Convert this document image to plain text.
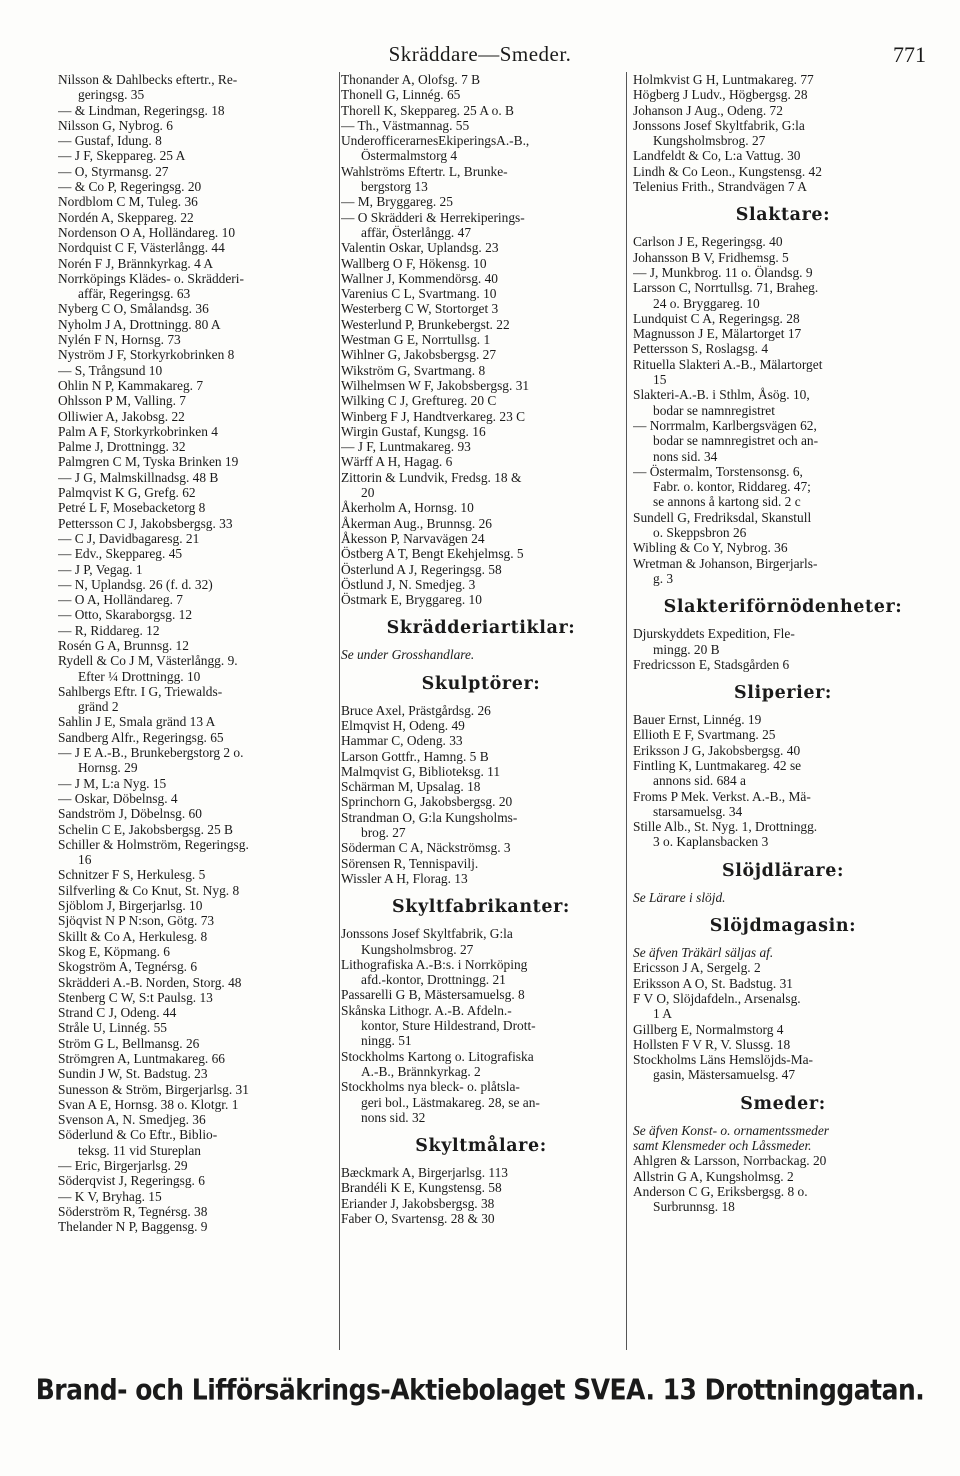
Skräddare—Smeder.	771
Nilsson & Dahlbecks eftertr., Re-
geringsg. 35
— & Lindman, Regeringsg. 18
Nilsson G, Nybrog. 6
— Gustaf, Idung. 8
— J F, Skeppareg. 25 A
— O, Styrmansg. 27
— & Co P, Regeringsg. 20
Nordblom C M, Tuleg. 36
Nordén A, Skeppareg. 22
Nordenson O A, Holländareg. 10
Nordquist C F, Västerlångg. 44
Norén F J, Brännkyrkag. 4 A
Norrköpings Klädes- o. Skrädderi-
affär, Regeringsg. 63
Nyberg C O, Smålandsg. 36
Nyholm J A, Drottningg. 80 A
Nylén F N, Hornsg. 73
Nyström J F, Storkyrkobrinken 8
— S, Trångsund 10
Ohlin N P, Kammakareg. 7
Ohlsson P M, Valling. 7
Olliwier A, Jakobsg. 22
Palm A F, Storkyrkobrinken 4
Palme J, Drottningg. 32
Palmgren C M, Tyska Brinken 19
— J G, Malmskillnadsg. 48 B
Palmqvist K G, Grefg. 62
Petré L F, Mosebacketorg 8
Pettersson C J, Jakobsbergsg. 33
— C J, Davidbagaresg. 21
— Edv., Skeppareg. 45
— J P, Vegag. 1
— N, Uplandsg. 26 (f. d. 32)
— O A, Holländareg. 7
— Otto, Skaraborgsg. 12
— R, Riddareg. 12
Rosén G A, Brunnsg. 12
Rydell & Co J M, Västerlångg. 9.
Efter ¼ Drottningg. 10
Sahlbergs Eftr. I G, Triewalds-
gränd 2
Sahlin J E, Smala gränd 13 A
Sandberg Alfr., Regeringsg. 65
— J E A.-B., Brunkebergstorg 2 o.
Hornsg. 29
— J M, L:a Nyg. 15
— Oskar, Döbelnsg. 4
Sandström J, Döbelnsg. 60
Schelin C E, Jakobsbergsg. 25 B
Schiller & Holmström, Regeringsg.
16
Schnitzer F S, Herkulesg. 5
Silfverling & Co Knut, St. Nyg. 8
Sjöblom J, Birgerjarlsg. 10
Sjöqvist N P N:son, Götg. 73
Skillt & Co A, Herkulesg. 8
Skog E, Köpmang. 6
Skogström A, Tegnérsg. 6
Skrädderi A.-B. Norden, Storg. 48
Stenberg C W, S:t Paulsg. 13
Strand C J, Odeng. 44
Stråle U, Linnég. 55
Ström G L, Bellmansg. 26
Strömgren A, Luntmakareg. 66
Sundin J W, St. Badstug. 23
Sunesson & Ström, Birgerjarlsg. 31
Svan A E, Hornsg. 38 o. Klotgr. 1
Svenson A, N. Smedjeg. 36
Söderlund & Co Eftr., Biblio-
teksg. 11 vid Stureplan
— Eric, Birgerjarlsg. 29
Söderqvist J, Regeringsg. 6
— K V, Bryhag. 15
Söderström R, Tegnérsg. 38
Thelander N P, Baggensg. 9
Thonander A, Olofsg. 7 B
Thonell G, Linnég. 65
Thorell K, Skeppareg. 25 A o. B
— Th., Västmannag. 55
UnderofficerarnesEkiperingsA.-B.,
Östermalmstorg 4
Wahlströms Eftertr. L, Brunke-
bergstorg 13
— M, Bryggareg. 25
— O Skrädderi & Herrekiperings-
affär, Österlångg. 47
Valentin Oskar, Uplandsg. 23
Wallberg O F, Hökensg. 10
Wallner J, Kommendörsg. 40
Varenius C L, Svartmang. 10
Westerberg C W, Stortorget 3
Westerlund P, Brunkebergst. 22
Westman G E, Norrtullsg. 1
Wihlner G, Jakobsbergsg. 27
Wikström G, Svartmang. 8
Wilhelmsen W F, Jakobsbergsg. 31
Wilking C J, Greftureg. 20 C
Winberg F J, Handtverkareg. 23 C
Wirgin Gustaf, Kungsg. 16
— J F, Luntmakareg. 93
Wärff A H, Hagag. 6
Zittorin & Lundvik, Fredsg. 18 &
20
Åkerholm A, Hornsg. 10
Åkerman Aug., Brunnsg. 26
Åkesson P, Narvavägen 24
Östberg A T, Bengt Ekehjelmsg. 5
Österlund A J, Regeringsg. 58
Östlund J, N. Smedjeg. 3
Östmark E, Bryggareg. 10
Skrädderiartiklar:
Se under Grosshandlare.
Skulptörer:
Bruce Axel, Prästgårdsg. 26
Elmqvist H, Odeng. 49
Hammar C, Odeng. 33
Larson Gottfr., Hamng. 5 B
Malmqvist G, Biblioteksg. 11
Schärman M, Upsalag. 18
Sprinchorn G, Jakobsbergsg. 20
Strandman O, G:la Kungsholms-
brog. 27
Söderman C A, Näckströmsg. 3
Sörensen R, Tennispavilj.
Wissler A H, Florag. 13
Skyltfabrikanter:
Jonssons Josef Skyltfabrik, G:la
Kungsholmsbrog. 27
Lithografiska A.-B:s. i Norrköping
afd.-kontor, Drottningg. 21
Passarelli G B, Mästersamuelsg. 8
Skånska Lithogr. A.-B. Afdeln.-
kontor, Sture Hildestrand, Drott-
ningg. 51
Stockholms Kartong o. Litografiska
A.-B., Brännkyrkag. 2
Stockholms nya bleck- o. plåtsla-
geri bol., Lästmakareg. 28, se an-
nons sid. 32
Skyltmålare:
Bæckmark A, Birgerjarlsg. 113
Brandéli K E, Kungstensg. 58
Eriander J, Jakobsbergsg. 38
Faber O, Svartensg. 28 & 30
Holmkvist G H, Luntmakareg. 77
Högberg J Ludv., Högbergsg. 28
Johanson J Aug., Odeng. 72
Jonssons Josef Skyltfabrik, G:la
Kungsholmsbrog. 27
Landfeldt & Co, L:a Vattug. 30
Lindh & Co Leon., Kungstensg. 42
Telenius Frith., Strandvägen 7 A
Slaktare:
Carlson J E, Regeringsg. 40
Johansson B V, Fridhemsg. 5
— J, Munkbrog. 11 o. Ölandsg. 9
Larsson C, Norrtullsg. 71, Braheg.
24 o. Bryggareg. 10
Lundquist C A, Regeringsg. 28
Magnusson J E, Mälartorget 17
Pettersson S, Roslagsg. 4
Rituella Slakteri A.-B., Mälartorget
15
Slakteri-A.-B. i Sthlm, Åsög. 10,
bodar se namnregistret
— Norrmalm, Karlbergsvägen 62,
bodar se namnregistret och an-
nons sid. 34
— Östermalm, Torstensonsg. 6,
Fabr. o. kontor, Riddareg. 47;
se annons å kartong sid. 2 c
Sundell G, Fredriksdal, Skanstull
o. Skeppsbron 26
Wibling & Co Y, Nybrog. 36
Wretman & Johanson, Birgerjarls-
g. 3
Slakteriförnödenheter:
Djurskyddets Expedition, Fle-
mingg. 20 B
Fredricsson E, Stadsgården 6
Sliperier:
Bauer Ernst, Linnég. 19
Ellioth E F, Svartmang. 25
Eriksson J G, Jakobsbergsg. 40
Fintling K, Luntmakareg. 42 se
annons sid. 684 a
Froms P Mek. Verkst. A.-B., Mä-
starsamuelsg. 34
Stille Alb., St. Nyg. 1, Drottningg.
3 o. Kaplansbacken 3
Slöjdlärare:
Se Lärare i slöjd.
Slöjdmagasin:
Se äfven Träkärl säljas af.
Ericsson J A, Sergelg. 2
Eriksson A O, St. Badstug. 31
F V O, Slöjdafdeln., Arsenalsg.
1 A
Gillberg E, Normalmstorg 4
Hollsten F V R, V. Slussg. 18
Stockholms Läns Hemslöjds-Ma-
gasin, Mästersamuelsg. 47
Smeder:
Se äfven Konst- o. ornamentssmeder
samt Klensmeder och Låssmeder.
Ahlgren & Larsson, Norrbackag. 20
Allstrin G A, Kungsholmsg. 2
Anderson C G, Eriksbergsg. 8 o.
Surbrunnsg. 18
Brand- och Lifförsäkrings-Aktiebolaget SVEA. 13 Drottninggatan.
